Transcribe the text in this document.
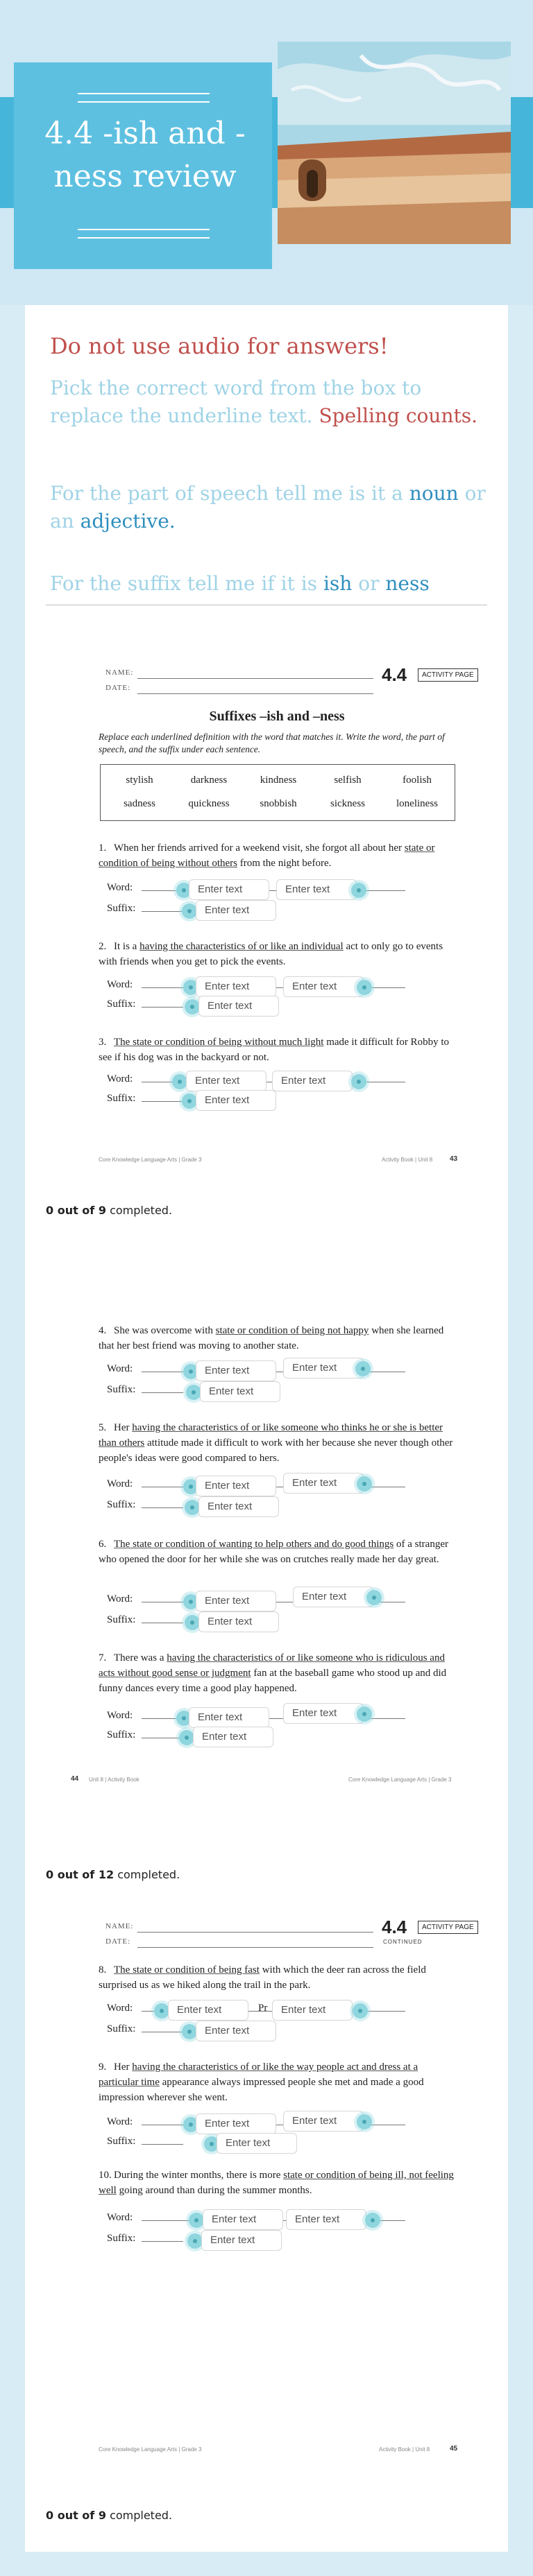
4.4 -ish and -ness review
Do not use audio for answers!
Pick the correct word from the box to replace the underline text. Spelling counts.
For the part of speech tell me is it a noun or an adjective.
For the suffix tell me if it is ish or ness
NAME:
DATE:
4.4	ACTIVITY PAGE
Suffixes –ish and –ness
Replace each underlined definition with the word that matches it. Write the word, the part of speech, and the suffix under each sentence.
stylish	darkness	kindness	selfish	foolish
sadness	quickness	snobbish	sickness	loneliness
1. When her friends arrived for a weekend visit, she forgot all about her state or condition of being without others from the night before.
Word:	Enter text	Enter text
Suffix:	Enter text
2. It is a having the characteristics of or like an individual act to only go to events with friends when you get to pick the events.
Word:	Enter text	Enter text
Suffix:	Enter text
3. The state or condition of being without much light made it difficult for Robby to see if his dog was in the backyard or not.
Word:	Enter text	Enter text
Suffix:	Enter text
Core Knowledge Language Arts | Grade 3	Activity Book | Unit 8 43
0 out of 9 completed.
4. She was overcome with state or condition of being not happy when she learned that her best friend was moving to another state.
Word:	Enter text	Enter text
Suffix:	Enter text
5. Her having the characteristics of or like someone who thinks he or she is better than others attitude made it difficult to work with her because she never though other people's ideas were good compared to hers.
Word:	Enter text	Enter text
Suffix:	Enter text
6. The state or condition of wanting to help others and do good things of a stranger who opened the door for her while she was on crutches really made her day great.
Word:	Enter text	Enter text
Suffix:	Enter text
7. There was a having the characteristics of or like someone who is ridiculous and acts without good sense or judgment fan at the baseball game who stood up and did funny dances every time a good play happened.
Word:	Enter text	Enter text
Suffix:	Enter text
44 Unit 8 | Activity Book	Core Knowledge Language Arts | Grade 3
0 out of 12 completed.
NAME:
DATE:
4.4
CONTINUED
ACTIVITY PAGE
8. The state or condition of being fast with which the deer ran across the field surprised us as we hiked along the trail in the park.
Word:	Enter text	Pr	Enter text
Suffix:	Enter text
9. Her having the characteristics of or like the way people act and dress at a particular time appearance always impressed people she met and made a good impression wherever she went.
Word:	Enter text	Enter text
Suffix:	Enter text
10. During the winter months, there is more state or condition of being ill, not feeling well going around than during the summer months.
Word:	Enter text	Enter text
Suffix:	Enter text
Core Knowledge Language Arts | Grade 3	Activity Book | Unit 8	45
0 out of 9 completed.
